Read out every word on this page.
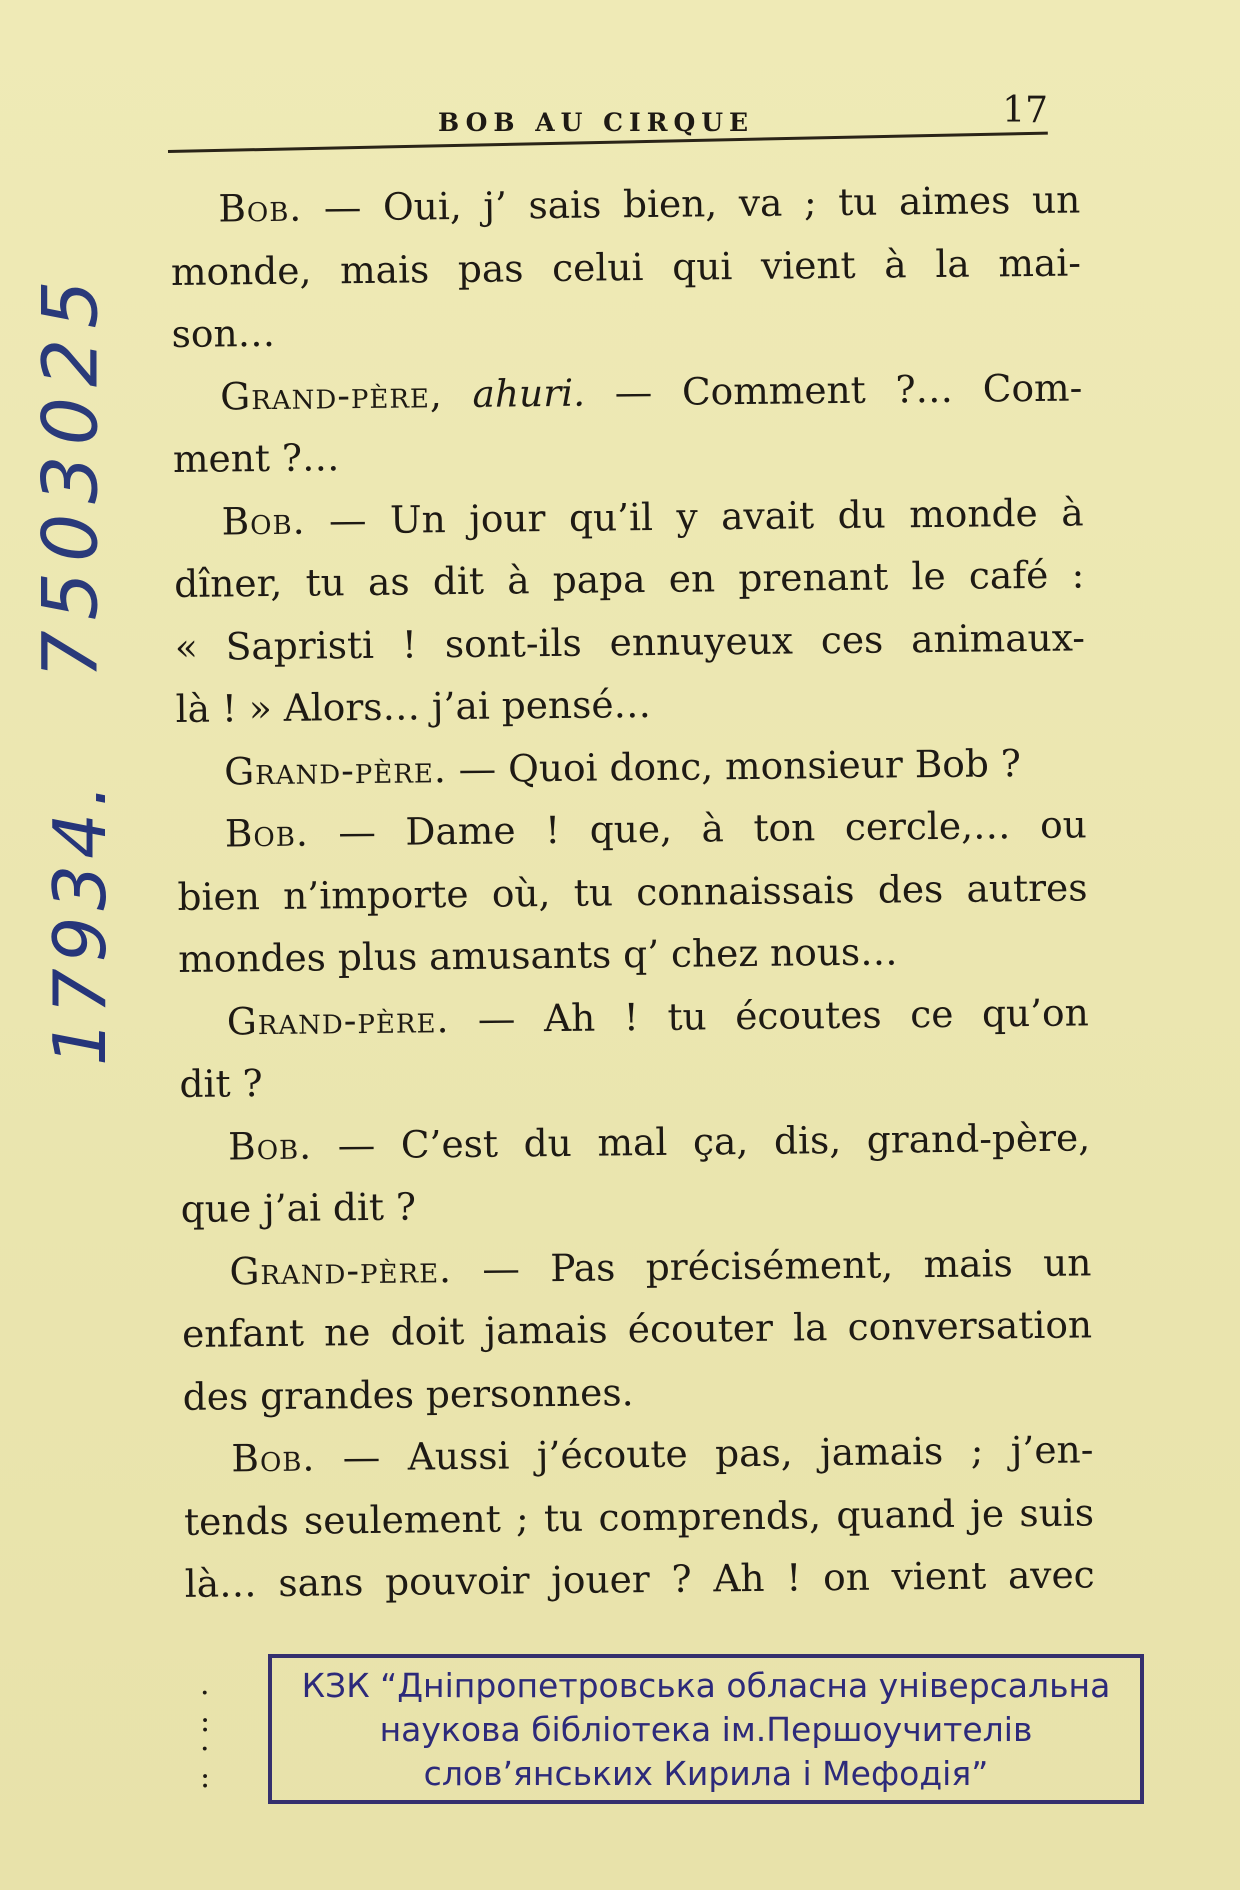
BOB AU CIRQUE	17
7503025
17934.
Bob. — Oui, j’ sais bien, va ; tu aimes un
monde, mais pas celui qui vient à la mai-
son…
Grand-père, ahuri. — Comment ?… Com-
ment ?…
Bob. — Un jour qu’il y avait du monde à
dîner, tu as dit à papa en prenant le café :
« Sapristi ! sont-ils ennuyeux ces animaux-
là ! » Alors… j’ai pensé…
Grand-père. — Quoi donc, monsieur Bob ?
Bob. — Dame ! que, à ton cercle,… ou
bien n’importe où, tu connaissais des autres
mondes plus amusants q’ chez nous…
Grand-père. — Ah ! tu écoutes ce qu’on
dit ?
Bob. — C’est du mal ça, dis, grand-père,
que j’ai dit ?
Grand-père. — Pas précisément, mais un
enfant ne doit jamais écouter la conversation
des grandes personnes.
Bob. — Aussi j’écoute pas, jamais ; j’en-
tends seulement ; tu comprends, quand je suis
là… sans pouvoir jouer ? Ah ! on vient avec
·
:
·
:
КЗК “Дніпропетровська обласна універсальна
наукова бібліотека ім.Першоучителів
слов’янських Кирила і Мефодія”
